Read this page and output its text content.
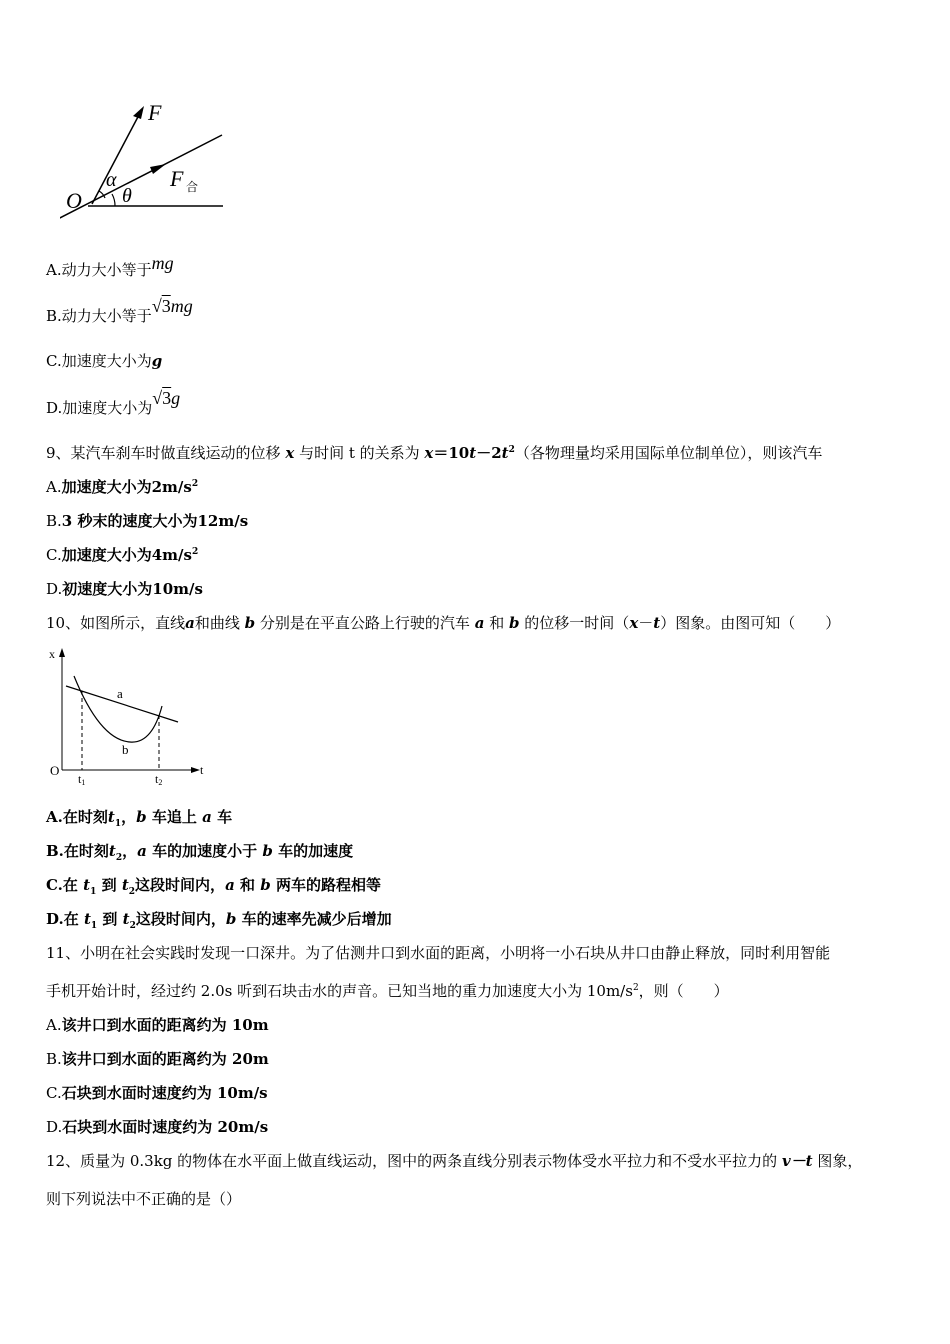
F
O
α
θ
F 合
A.动力大小等于mg
B.动力大小等于√3mg
C.加速度大小为g
D.加速度大小为√3g
9、某汽车刹车时做直线运动的位移 x 与时间 t 的关系为 $x=10t-2t^2$（各物理量均采用国际单位制单位），则该汽车
A.加速度大小为$2m/s^2$
B.3 秒末的速度大小为12m/s
C.加速度大小为$4m/s^2$
D.初速度大小为10m/s
10、如图所示，直线a和曲线 b 分别是在平直公路上行驶的汽车 a 和 b 的位移一时间（x－t）图象。由图可知（　　）
x
t
O
a
b
t1	t2
A.在时刻$t_1$，b 车追上 a 车
B.在时刻$t_2$，a 车的加速度小于 b 车的加速度
C.在 $t_1$ 到 $t_2$这段时间内，a 和 b 两车的路程相等
D.在 $t_1$ 到 $t_2$这段时间内，b 车的速率先减少后增加
11、小明在社会实践时发现一口深井。为了估测井口到水面的距离，小明将一小石块从井口由静止释放，同时利用智能
手机开始计时，经过约 2.0s 听到石块击水的声音。已知当地的重力加速度大小为 $10m/s^2$，则（　　）
A.该井口到水面的距离约为 10m
B.该井口到水面的距离约为 20m
C.石块到水面时速度约为 10m/s
D.石块到水面时速度约为 20m/s
12、质量为 0.3kg 的物体在水平面上做直线运动，图中的两条直线分别表示物体受水平拉力和不受水平拉力的 v－t 图象，
则下列说法中不正确的是（）
